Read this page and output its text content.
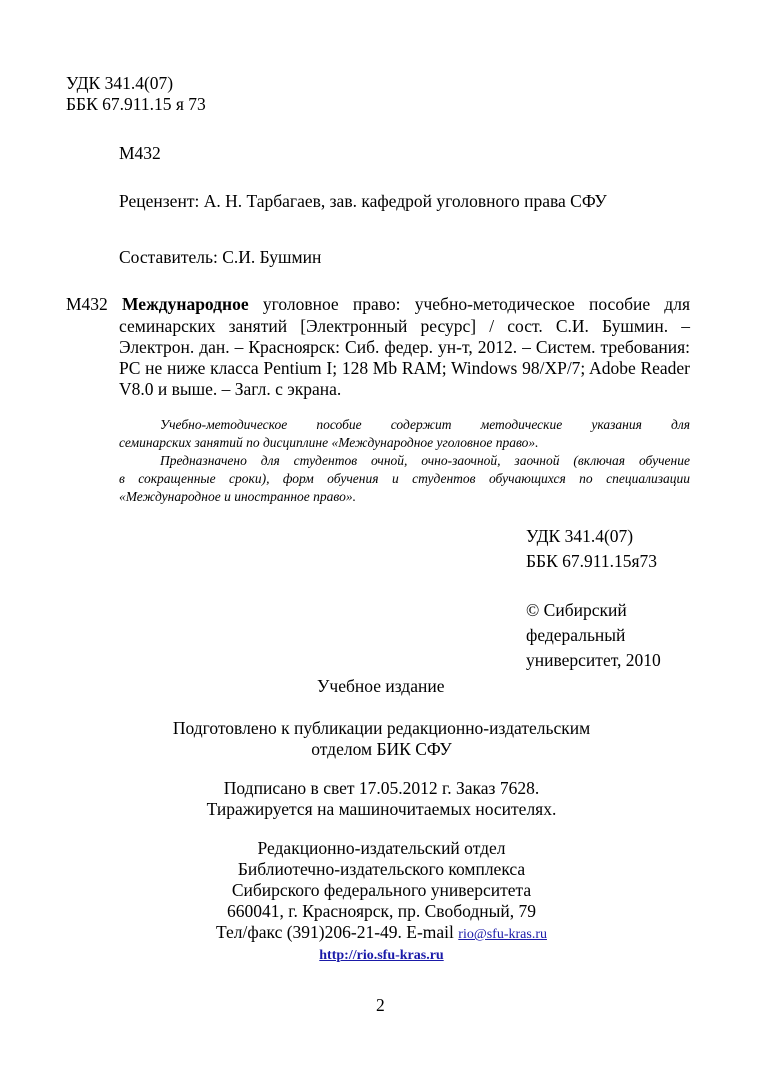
УДК 341.4(07)
ББК 67.911.15 я 73
М432
Рецензент: А. Н. Тарбагаев, зав. кафедрой уголовного права СФУ
Составитель: С.И. Бушмин
М432 Международное уголовное право: учебно-методическое пособие для
семинарских занятий [Электронный ресурс] / сост. С.И. Бушмин. –
Электрон. дан. – Красноярск: Сиб. федер. ун-т, 2012. – Систем. требования:
PC не ниже класса Pentium I; 128 Mb RAM; Windows 98/XP/7; Adobe Reader
V8.0 и выше. – Загл. с экрана.
Учебно-методическое пособие содержит методические указания для
семинарских занятий по дисциплине «Международное уголовное право».
Предназначено для студентов очной, очно-заочной, заочной (включая обучение
в сокращенные сроки), форм обучения и студентов обучающихся по специализации
«Международное и иностранное право».
УДК 341.4(07)
ББК 67.911.15я73
© Сибирский
федеральный
университет, 2010
Учебное издание
Подготовлено к публикации редакционно-издательским
отделом БИК СФУ
Подписано в свет 17.05.2012 г. Заказ 7628.
Тиражируется на машиночитаемых носителях.
Редакционно-издательский отдел
Библиотечно-издательского комплекса
Сибирского федерального университета
660041, г. Красноярск, пр. Свободный, 79
Тел/факс (391)206-21-49. E-mail rio@sfu-kras.ru
http://rio.sfu-kras.ru
2
